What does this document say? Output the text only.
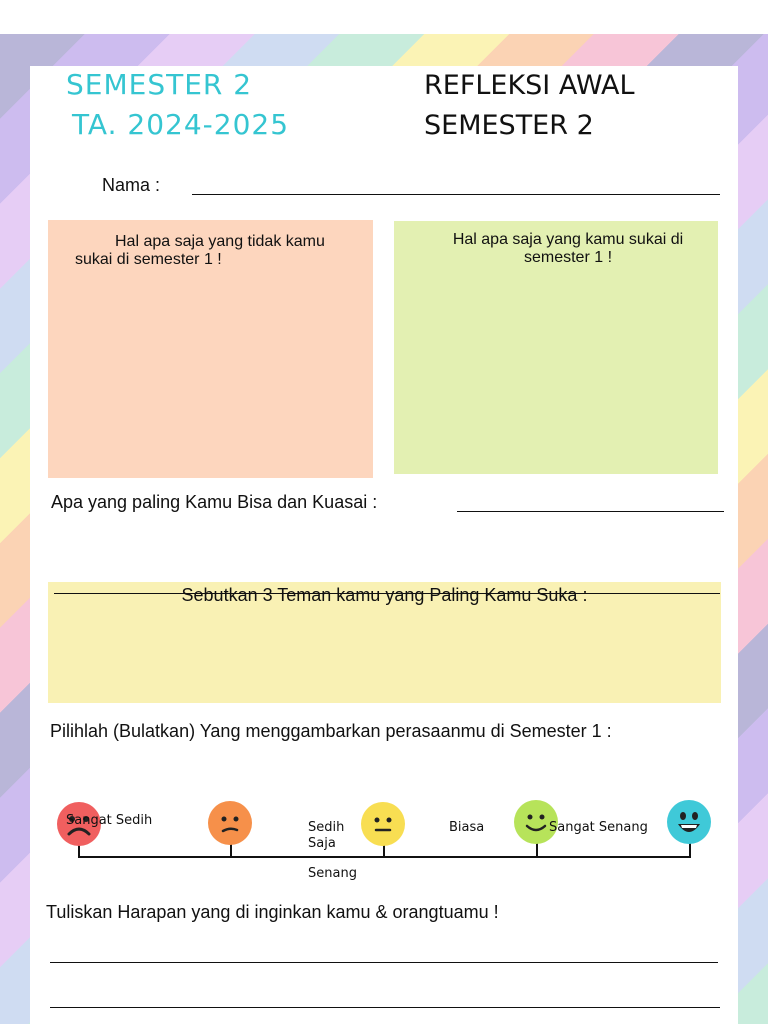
SEMESTER 2
TA. 2024-2025
REFLEKSI AWAL
SEMESTER 2
Nama :
Hal apa saja yang tidak kamu sukai di semester 1 !
Hal apa saja yang kamu sukai di semester 1 !
Apa yang paling Kamu Bisa dan Kuasai :
Sebutkan 3 Teman kamu yang Paling Kamu Suka :
Pilihlah (Bulatkan) Yang menggambarkan perasaanmu di Semester 1 :
Sangat Sedih	Sedih Saja
Biasa
Senang
Sangat Senang
Tuliskan Harapan yang di inginkan kamu & orangtuamu !
